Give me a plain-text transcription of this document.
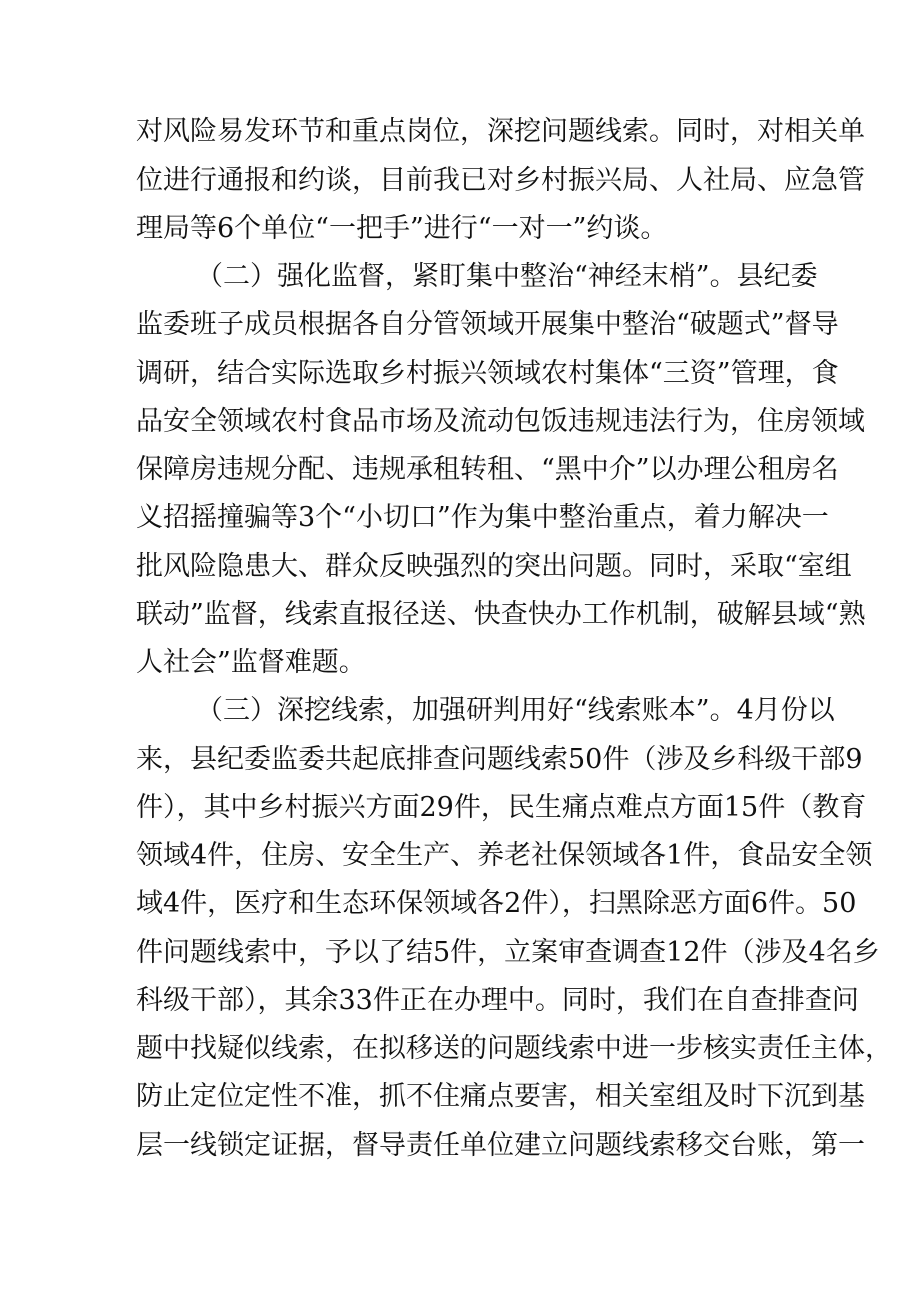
对风险易发环节和重点岗位，深挖问题线索。同时，对相关单
位进行通报和约谈，目前我已对乡村振兴局、人社局、应急管
理局等6个单位“一把手”进行“一对一”约谈。
（二）强化监督，紧盯集中整治“神经末梢”。县纪委
监委班子成员根据各自分管领域开展集中整治“破题式”督导
调研，结合实际选取乡村振兴领域农村集体“三资”管理，食
品安全领域农村食品市场及流动包饭违规违法行为，住房领域
保障房违规分配、违规承租转租、“黑中介”以办理公租房名
义招摇撞骗等3个“小切口”作为集中整治重点，着力解决一
批风险隐患大、群众反映强烈的突出问题。同时，采取“室组
联动”监督，线索直报径送、快查快办工作机制，破解县域“熟
人社会”监督难题。
（三）深挖线索，加强研判用好“线索账本”。4月份以
来，县纪委监委共起底排查问题线索50件（涉及乡科级干部9
件），其中乡村振兴方面29件，民生痛点难点方面15件（教育
领域4件，住房、安全生产、养老社保领域各1件，食品安全领
域4件，医疗和生态环保领域各2件），扫黑除恶方面6件。50
件问题线索中，予以了结5件，立案审查调查12件（涉及4名乡
科级干部），其余33件正在办理中。同时，我们在自查排查问
题中找疑似线索，在拟移送的问题线索中进一步核实责任主体，
防止定位定性不准，抓不住痛点要害，相关室组及时下沉到基
层一线锁定证据，督导责任单位建立问题线索移交台账，第一
